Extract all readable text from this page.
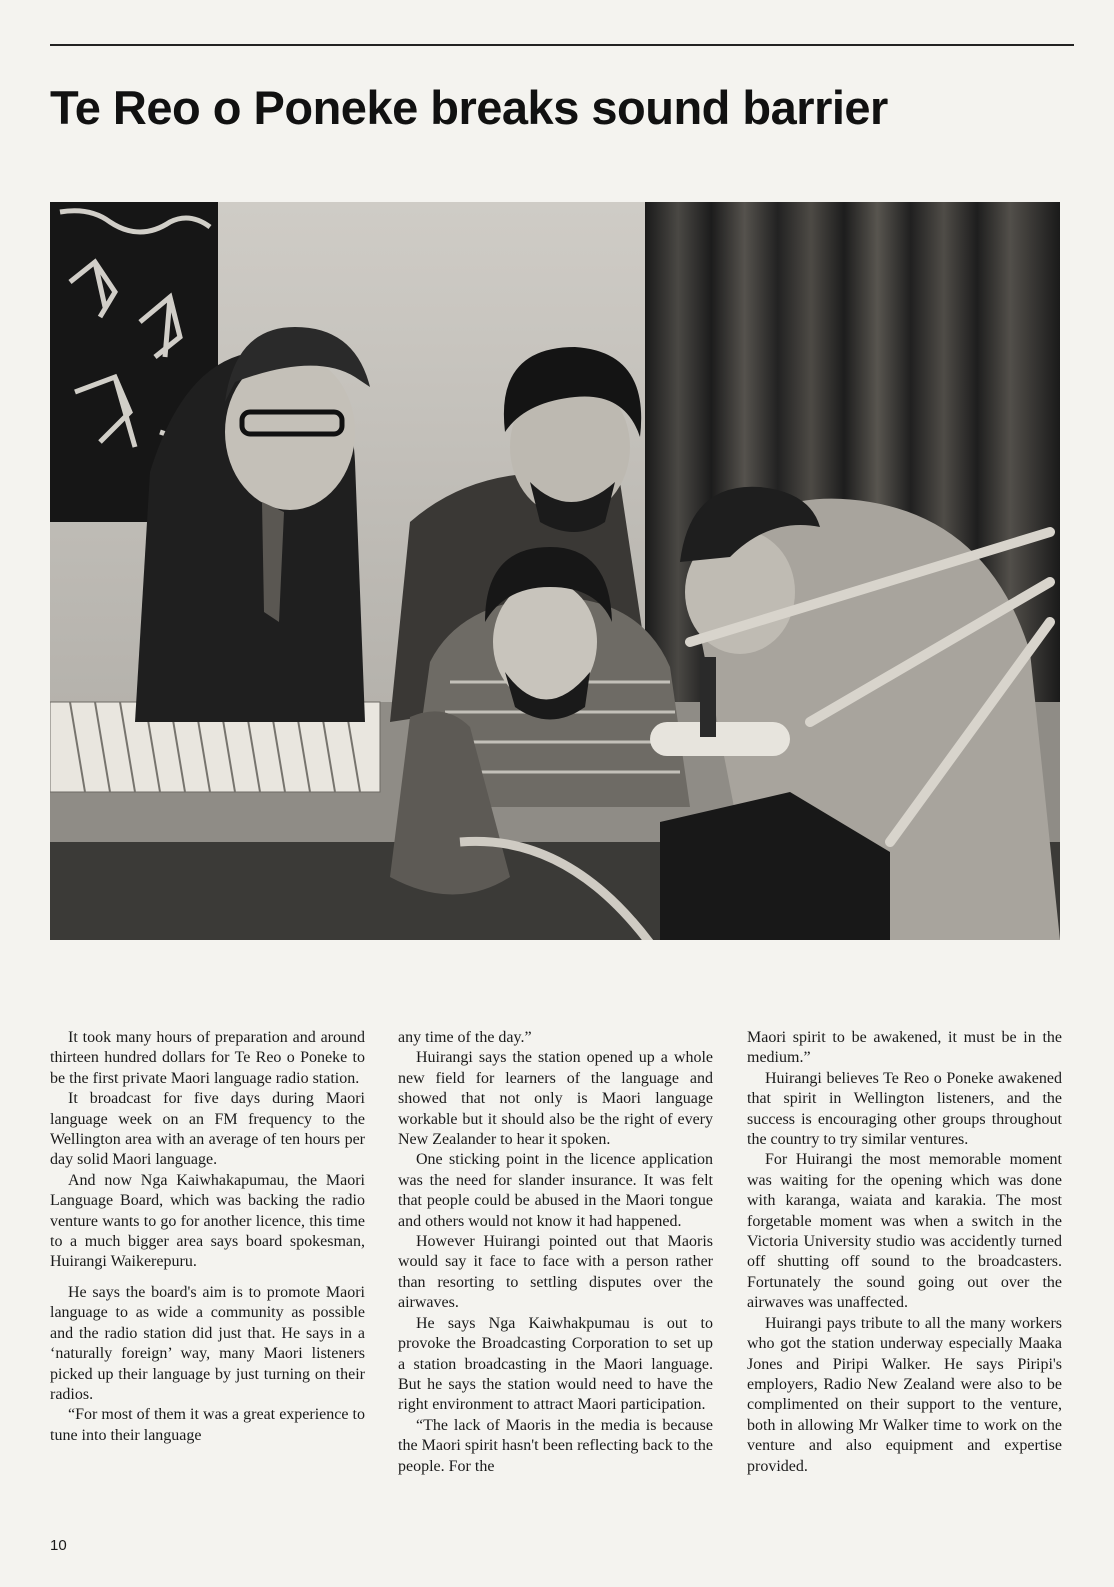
Te Reo o Poneke breaks sound barrier

It took many hours of preparation and around thirteen hundred dollars for Te Reo o Poneke to be the first private Maori language radio station.

It broadcast for five days during Maori language week on an FM frequency to the Wellington area with an average of ten hours per day solid Maori language.

And now Nga Kaiwhakapumau, the Maori Language Board, which was backing the radio venture wants to go for another licence, this time to a much bigger area says board spokesman, Huirangi Waikerepuru.

He says the board's aim is to promote Maori language to as wide a community as possible and the radio station did just that. He says in a ‘naturally foreign’ way, many Maori listeners picked up their language by just turning on their radios.

“For most of them it was a great experience to tune into their language

any time of the day.”

Huirangi says the station opened up a whole new field for learners of the language and showed that not only is Maori language workable but it should also be the right of every New Zealander to hear it spoken.

One sticking point in the licence application was the need for slander insurance. It was felt that people could be abused in the Maori tongue and others would not know it had happened.

However Huirangi pointed out that Maoris would say it face to face with a person rather than resorting to settling disputes over the airwaves.

He says Nga Kaiwhakpumau is out to provoke the Broadcasting Corporation to set up a station broadcasting in the Maori language. But he says the station would need to have the right environment to attract Maori participation.

“The lack of Maoris in the media is because the Maori spirit hasn't been reflecting back to the people. For the

Maori spirit to be awakened, it must be in the medium.”

Huirangi believes Te Reo o Poneke awakened that spirit in Wellington listeners, and the success is encouraging other groups throughout the country to try similar ventures.

For Huirangi the most memorable moment was waiting for the opening which was done with karanga, waiata and karakia. The most forgetable moment was when a switch in the Victoria University studio was accidently turned off shutting off sound to the broadcasters. Fortunately the sound going out over the airwaves was unaffected.

Huirangi pays tribute to all the many workers who got the station underway especially Maaka Jones and Piripi Walker. He says Piripi's employers, Radio New Zealand were also to be complimented on their support to the venture, both in allowing Mr Walker time to work on the venture and also equipment and expertise provided.

10
